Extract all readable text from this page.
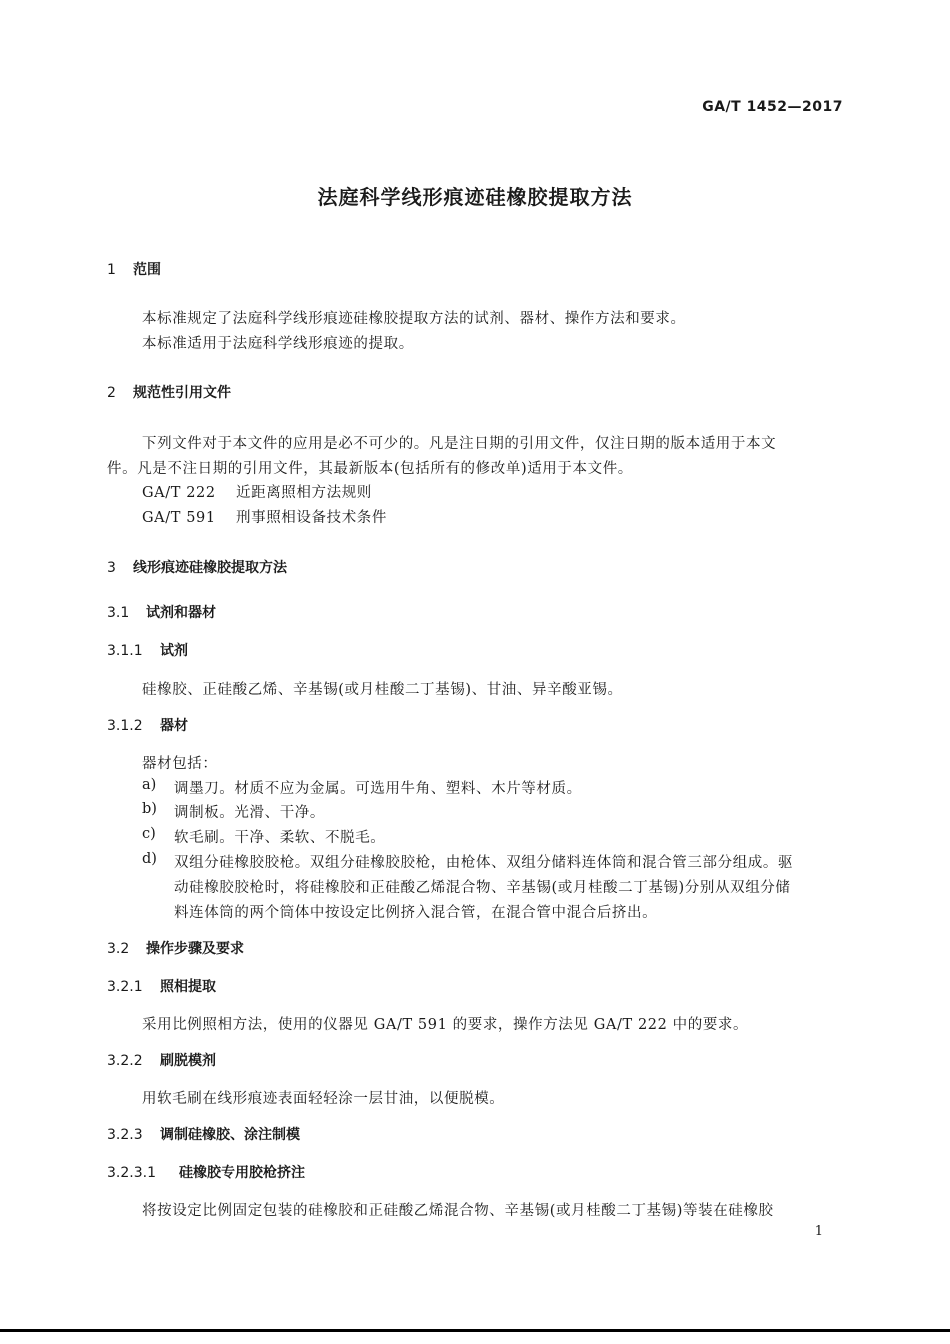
GA/T 1452—2017
法庭科学线形痕迹硅橡胶提取方法
1 范围
本标准规定了法庭科学线形痕迹硅橡胶提取方法的试剂、器材、操作方法和要求。
本标准适用于法庭科学线形痕迹的提取。
2 规范性引用文件
下列文件对于本文件的应用是必不可少的。凡是注日期的引用文件，仅注日期的版本适用于本文
件。凡是不注日期的引用文件，其最新版本(包括所有的修改单)适用于本文件。
GA/T 222 近距离照相方法规则
GA/T 591 刑事照相设备技术条件
3 线形痕迹硅橡胶提取方法
3.1 试剂和器材
3.1.1 试剂
硅橡胶、正硅酸乙烯、辛基锡(或月桂酸二丁基锡)、甘油、异辛酸亚锡。
3.1.2 器材
器材包括：
a) 调墨刀。材质不应为金属。可选用牛角、塑料、木片等材质。
b) 调制板。光滑、干净。
c) 软毛刷。干净、柔软、不脱毛。
d) 双组分硅橡胶胶枪。双组分硅橡胶胶枪，由枪体、双组分储料连体筒和混合管三部分组成。驱
动硅橡胶胶枪时，将硅橡胶和正硅酸乙烯混合物、辛基锡(或月桂酸二丁基锡)分别从双组分储
料连体筒的两个筒体中按设定比例挤入混合管，在混合管中混合后挤出。
3.2 操作步骤及要求
3.2.1 照相提取
采用比例照相方法，使用的仪器见 GA/T 591 的要求，操作方法见 GA/T 222 中的要求。
3.2.2 刷脱模剂
用软毛刷在线形痕迹表面轻轻涂一层甘油，以便脱模。
3.2.3 调制硅橡胶、涂注制模
3.2.3.1 硅橡胶专用胶枪挤注
将按设定比例固定包装的硅橡胶和正硅酸乙烯混合物、辛基锡(或月桂酸二丁基锡)等装在硅橡胶
1
